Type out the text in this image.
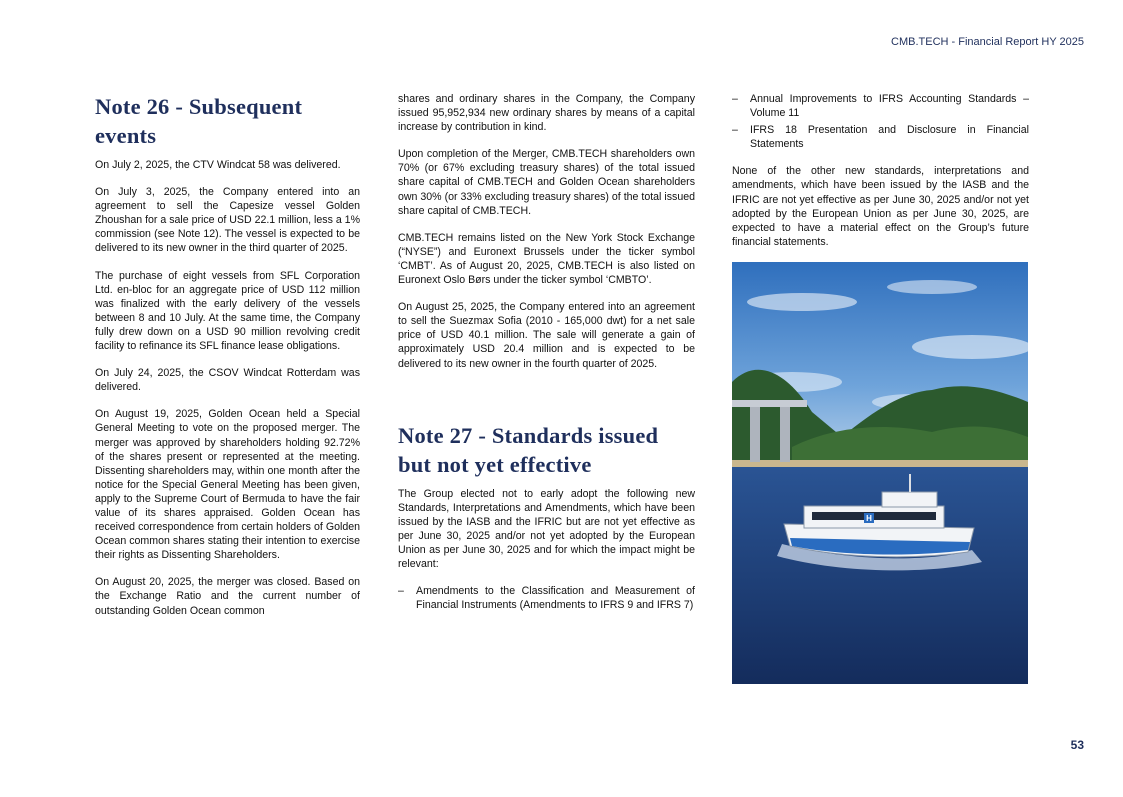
CMB.TECH - Financial Report HY 2025
Note 26 - Subsequent events

On July 2, 2025, the CTV Windcat 58 was delivered.

On July 3, 2025, the Company entered into an agreement to sell the Capesize vessel Golden Zhoushan for a sale price of USD 22.1 million, less a 1% commission (see Note 12). The vessel is expected to be delivered to its new owner in the third quarter of 2025.

The purchase of eight vessels from SFL Corporation Ltd. en-bloc for an aggregate price of USD 112 million was finalized with the early delivery of the vessels between 8 and 10 July. At the same time, the Company fully drew down on a USD 90 million revolving credit facility to refinance its SFL finance lease obligations.

On July 24, 2025, the CSOV Windcat Rotterdam was delivered.

On August 19, 2025, Golden Ocean held a Special General Meeting to vote on the proposed merger. The merger was approved by shareholders holding 92.72% of the shares present or represented at the meeting. Dissenting shareholders may, within one month after the notice for the Special General Meeting has been given, apply to the Supreme Court of Bermuda to have the fair value of its shares appraised. Golden Ocean has received correspondence from certain holders of Golden Ocean common shares stating their intention to exercise their rights as Dissenting Shareholders.

On August 20, 2025, the merger was closed. Based on the Exchange Ratio and the current number of outstanding Golden Ocean common

shares and ordinary shares in the Company, the Company issued 95,952,934 new ordinary shares by means of a capital increase by contribution in kind.

Upon completion of the Merger, CMB.TECH shareholders own 70% (or 67% excluding treasury shares) of the total issued share capital of CMB.TECH and Golden Ocean shareholders own 30% (or 33% excluding treasury shares) of the total issued share capital of CMB.TECH.

CMB.TECH remains listed on the New York Stock Exchange (“NYSE”) and Euronext Brussels under the ticker symbol ‘CMBT’. As of August 20, 2025, CMB.TECH is also listed on Euronext Oslo Børs under the ticker symbol ‘CMBTO’.

On August 25, 2025, the Company entered into an agreement to sell the Suezmax Sofia (2010 - 165,000 dwt) for a net sale price of USD 40.1 million. The sale will generate a gain of approximately USD 20.4 million and is expected to be delivered to its new owner in the fourth quarter of 2025.

Note 27 - Standards issued but not yet effective

The Group elected not to early adopt the following new Standards, Interpretations and Amendments, which have been issued by the IASB and the IFRIC but are not yet effective as per June 30, 2025 and/or not yet adopted by the European Union as per June 30, 2025 and for which the impact might be relevant:

– Amendments to the Classification and Measurement of Financial Instruments (Amendments to IFRS 9 and IFRS 7)
– Annual Improvements to IFRS Accounting Standards – Volume 11
– IFRS 18 Presentation and Disclosure in Financial Statements

None of the other new standards, interpretations and amendments, which have been issued by the IASB and the IFRIC are not yet effective as per June 30, 2025 and/or not yet adopted by the European Union as per June 30, 2025, are expected to have a material effect on the Group’s future financial statements.

H
53
